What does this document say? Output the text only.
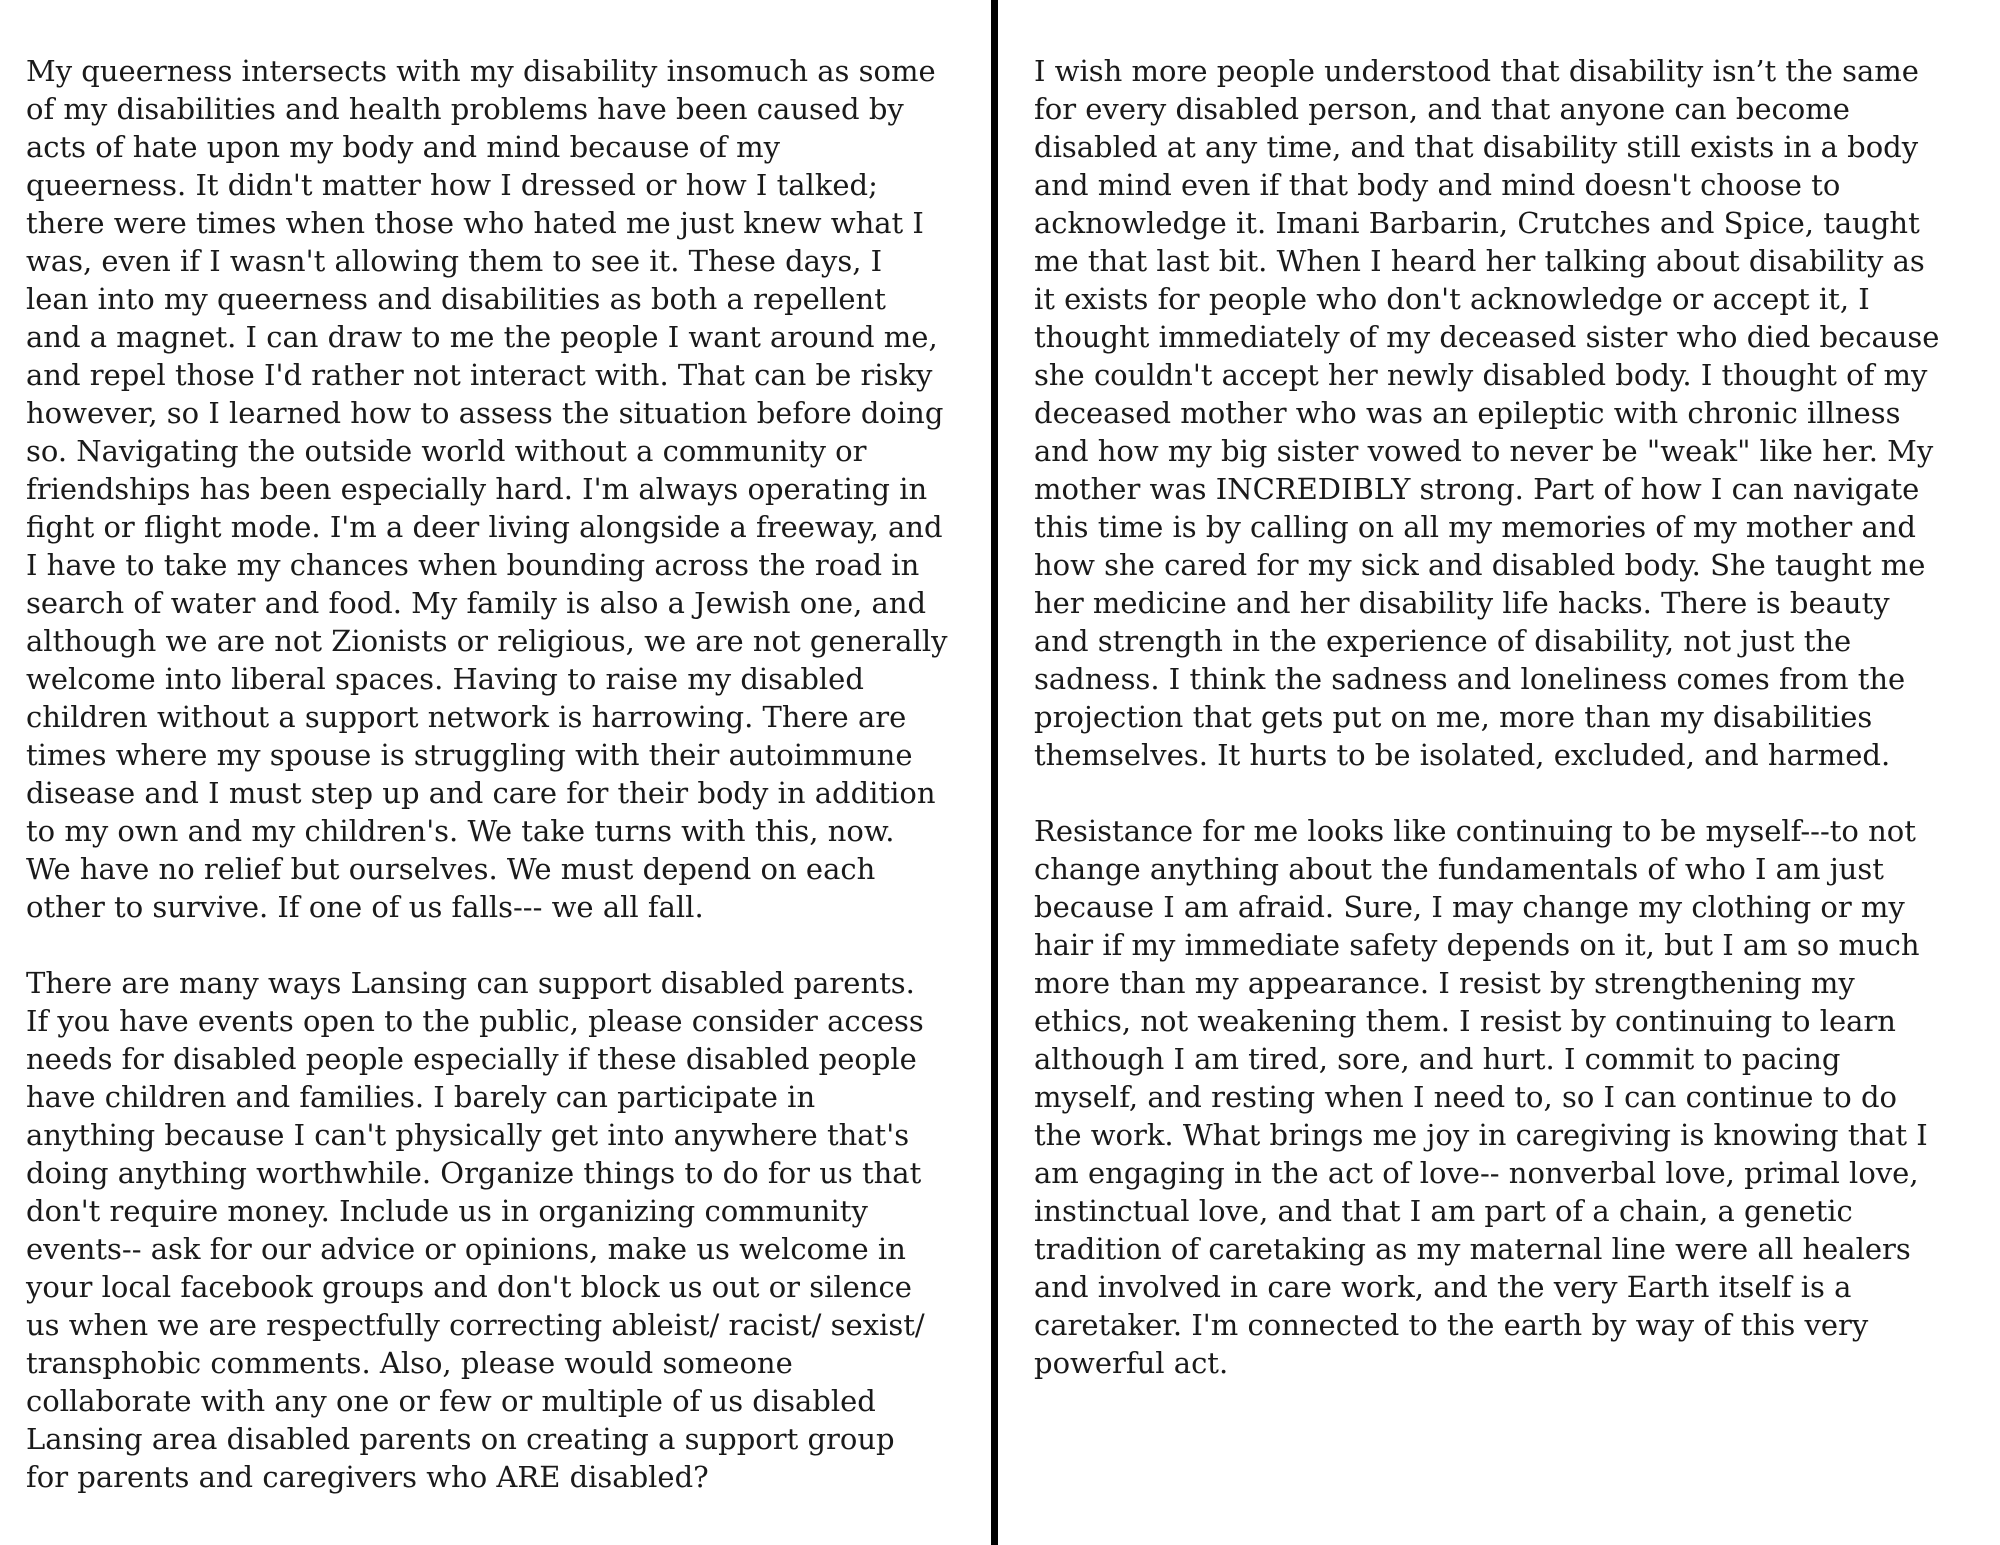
My queerness intersects with my disability insomuch as some
of my disabilities and health problems have been caused by
acts of hate upon my body and mind because of my
queerness. It didn't matter how I dressed or how I talked;
there were times when those who hated me just knew what I
was, even if I wasn't allowing them to see it. These days, I
lean into my queerness and disabilities as both a repellent
and a magnet. I can draw to me the people I want around me,
and repel those I'd rather not interact with. That can be risky
however, so I learned how to assess the situation before doing
so. Navigating the outside world without a community or
friendships has been especially hard. I'm always operating in
fight or flight mode. I'm a deer living alongside a freeway, and
I have to take my chances when bounding across the road in
search of water and food. My family is also a Jewish one, and
although we are not Zionists or religious, we are not generally
welcome into liberal spaces. Having to raise my disabled
children without a support network is harrowing. There are
times where my spouse is struggling with their autoimmune
disease and I must step up and care for their body in addition
to my own and my children's. We take turns with this, now.
We have no relief but ourselves. We must depend on each
other to survive. If one of us falls--- we all fall.

There are many ways Lansing can support disabled parents.
If you have events open to the public, please consider access
needs for disabled people especially if these disabled people
have children and families. I barely can participate in
anything because I can't physically get into anywhere that's
doing anything worthwhile. Organize things to do for us that
don't require money. Include us in organizing community
events-- ask for our advice or opinions, make us welcome in
your local facebook groups and don't block us out or silence
us when we are respectfully correcting ableist/ racist/ sexist/
transphobic comments. Also, please would someone
collaborate with any one or few or multiple of us disabled
Lansing area disabled parents on creating a support group
for parents and caregivers who ARE disabled?

I wish more people understood that disability isn’t the same
for every disabled person, and that anyone can become
disabled at any time, and that disability still exists in a body
and mind even if that body and mind doesn't choose to
acknowledge it. Imani Barbarin, Crutches and Spice, taught
me that last bit. When I heard her talking about disability as
it exists for people who don't acknowledge or accept it, I
thought immediately of my deceased sister who died because
she couldn't accept her newly disabled body. I thought of my
deceased mother who was an epileptic with chronic illness
and how my big sister vowed to never be "weak" like her. My
mother was INCREDIBLY strong. Part of how I can navigate
this time is by calling on all my memories of my mother and
how she cared for my sick and disabled body. She taught me
her medicine and her disability life hacks. There is beauty
and strength in the experience of disability, not just the
sadness. I think the sadness and loneliness comes from the
projection that gets put on me, more than my disabilities
themselves. It hurts to be isolated, excluded, and harmed.

Resistance for me looks like continuing to be myself---to not
change anything about the fundamentals of who I am just
because I am afraid. Sure, I may change my clothing or my
hair if my immediate safety depends on it, but I am so much
more than my appearance. I resist by strengthening my
ethics, not weakening them. I resist by continuing to learn
although I am tired, sore, and hurt. I commit to pacing
myself, and resting when I need to, so I can continue to do
the work. What brings me joy in caregiving is knowing that I
am engaging in the act of love-- nonverbal love, primal love,
instinctual love, and that I am part of a chain, a genetic
tradition of caretaking as my maternal line were all healers
and involved in care work, and the very Earth itself is a
caretaker. I'm connected to the earth by way of this very
powerful act.
